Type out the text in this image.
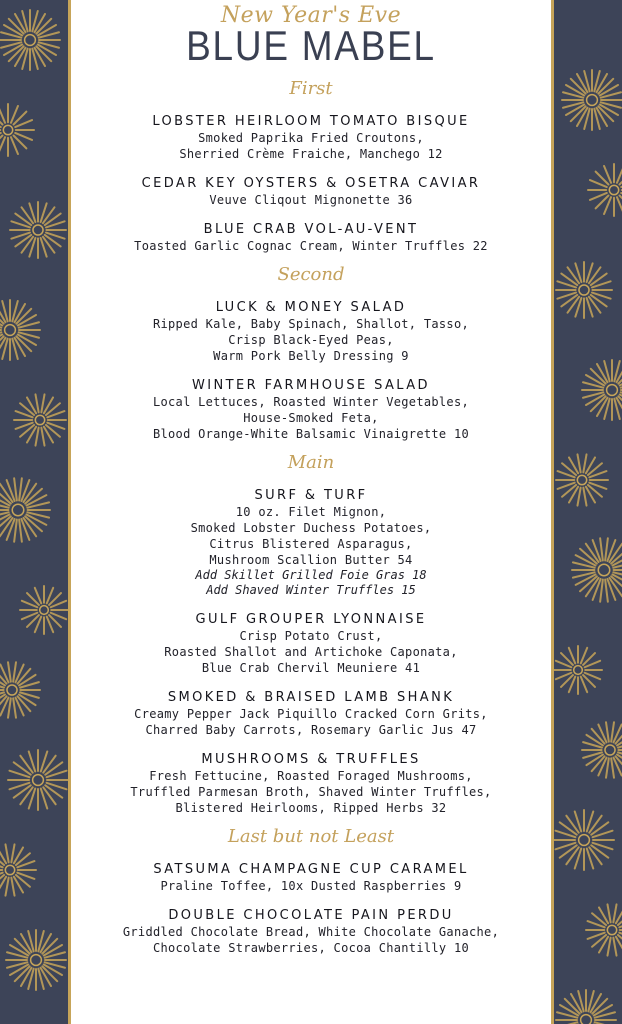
New Year's Eve
BLUE MABEL
First
LOBSTER HEIRLOOM TOMATO BISQUE
Smoked Paprika Fried Croutons,
Sherried Crème Fraiche, Manchego 12
CEDAR KEY OYSTERS & OSETRA CAVIAR
Veuve Cliqout Mignonette 36
BLUE CRAB VOL-AU-VENT
Toasted Garlic Cognac Cream, Winter Truffles 22
Second
LUCK & MONEY SALAD
Ripped Kale, Baby Spinach, Shallot, Tasso,
Crisp Black-Eyed Peas,
Warm Pork Belly Dressing 9
WINTER FARMHOUSE SALAD
Local Lettuces, Roasted Winter Vegetables,
House-Smoked Feta,
Blood Orange-White Balsamic Vinaigrette 10
Main
SURF & TURF
10 oz. Filet Mignon,
Smoked Lobster Duchess Potatoes,
Citrus Blistered Asparagus,
Mushroom Scallion Butter 54
Add Skillet Grilled Foie Gras 18
Add Shaved Winter Truffles 15
GULF GROUPER LYONNAISE
Crisp Potato Crust,
Roasted Shallot and Artichoke Caponata,
Blue Crab Chervil Meuniere 41
SMOKED & BRAISED LAMB SHANK
Creamy Pepper Jack Piquillo Cracked Corn Grits,
Charred Baby Carrots, Rosemary Garlic Jus 47
MUSHROOMS & TRUFFLES
Fresh Fettucine, Roasted Foraged Mushrooms,
Truffled Parmesan Broth, Shaved Winter Truffles,
Blistered Heirlooms, Ripped Herbs 32
Last but not Least
SATSUMA CHAMPAGNE CUP CARAMEL
Praline Toffee, 10x Dusted Raspberries 9
DOUBLE CHOCOLATE PAIN PERDU
Griddled Chocolate Bread, White Chocolate Ganache,
Chocolate Strawberries, Cocoa Chantilly 10
